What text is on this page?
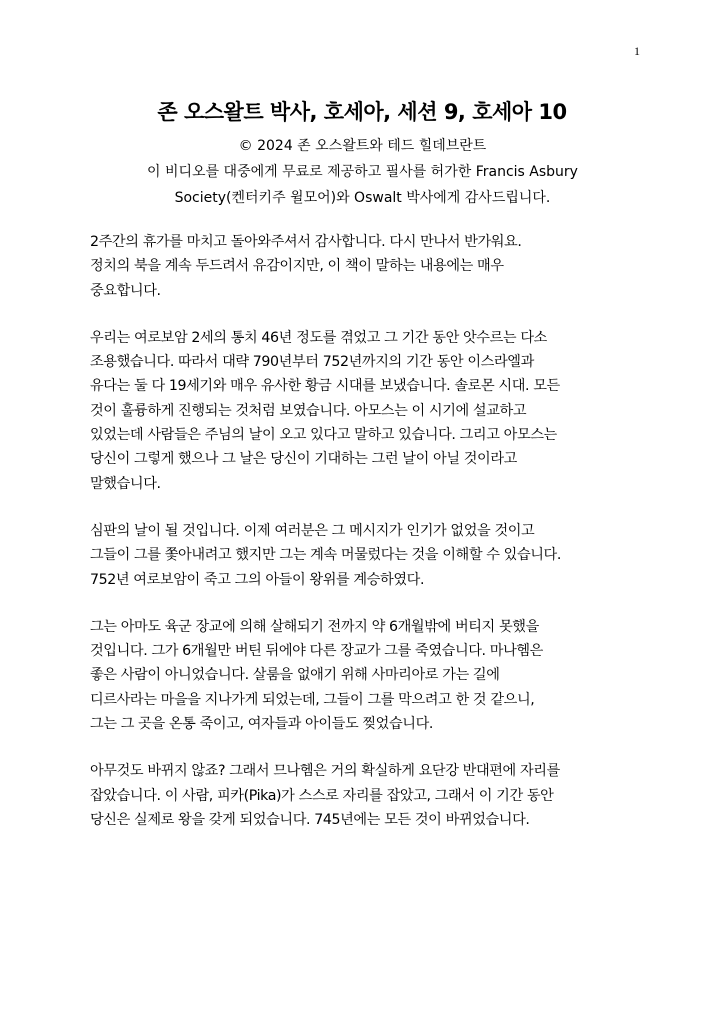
1
존 오스왈트 박사, 호세아, 세션 9, 호세아 10
© 2024 존 오스왈트와 테드 힐데브란트
이 비디오를 대중에게 무료로 제공하고 필사를 허가한 Francis Asbury
Society(켄터키주 윌모어)와 Oswalt 박사에게 감사드립니다.
2주간의 휴가를 마치고 돌아와주셔서 감사합니다. 다시 만나서 반가워요.
정치의 북을 계속 두드려서 유감이지만, 이 책이 말하는 내용에는 매우
중요합니다.
우리는 여로보암 2세의 통치 46년 정도를 겪었고 그 기간 동안 앗수르는 다소
조용했습니다. 따라서 대략 790년부터 752년까지의 기간 동안 이스라엘과
유다는 둘 다 19세기와 매우 유사한 황금 시대를 보냈습니다. 솔로몬 시대. 모든
것이 훌륭하게 진행되는 것처럼 보였습니다. 아모스는 이 시기에 설교하고
있었는데 사람들은 주님의 날이 오고 있다고 말하고 있습니다. 그리고 아모스는
당신이 그렇게 했으나 그 날은 당신이 기대하는 그런 날이 아닐 것이라고
말했습니다.
심판의 날이 될 것입니다. 이제 여러분은 그 메시지가 인기가 없었을 것이고
그들이 그를 쫓아내려고 했지만 그는 계속 머물렀다는 것을 이해할 수 있습니다.
752년 여로보암이 죽고 그의 아들이 왕위를 계승하였다.
그는 아마도 육군 장교에 의해 살해되기 전까지 약 6개월밖에 버티지 못했을
것입니다. 그가 6개월만 버틴 뒤에야 다른 장교가 그를 죽였습니다. 마나헴은
좋은 사람이 아니었습니다. 살룸을 없애기 위해 사마리아로 가는 길에
디르사라는 마을을 지나가게 되었는데, 그들이 그를 막으려고 한 것 같으니,
그는 그 곳을 온통 죽이고, 여자들과 아이들도 찢었습니다.
아무것도 바뀌지 않죠? 그래서 므나헴은 거의 확실하게 요단강 반대편에 자리를
잡았습니다. 이 사람, 피카(Pika)가 스스로 자리를 잡았고, 그래서 이 기간 동안
당신은 실제로 왕을 갖게 되었습니다. 745년에는 모든 것이 바뀌었습니다.
